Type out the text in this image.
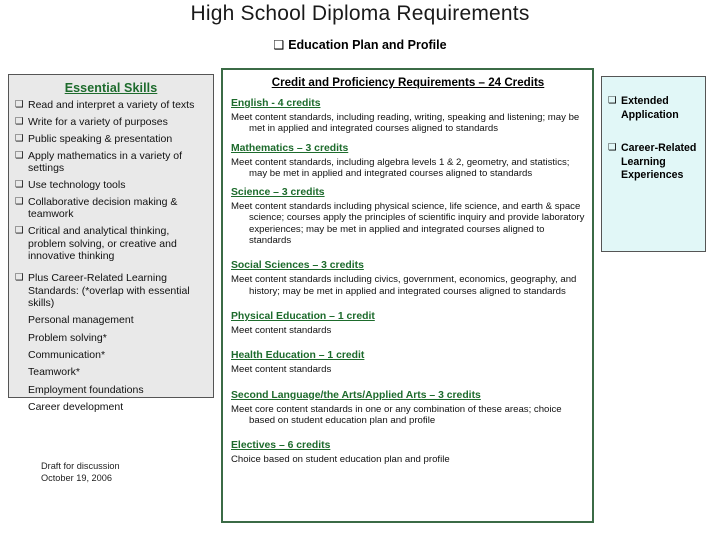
High School Diploma Requirements
❑ Education Plan and Profile
Essential Skills
❑ Read and interpret a variety of texts
❑ Write for a variety of purposes
❑ Public speaking & presentation
❑ Apply mathematics in a variety of settings
❑ Use technology tools
❑ Collaborative decision making & teamwork
❑ Critical and analytical thinking, problem solving, or creative and innovative thinking
❑ Plus Career-Related Learning Standards: (*overlap with essential skills)
Personal management
Problem solving*
Communication*
Teamwork*
Employment foundations
Career development
Credit and Proficiency Requirements – 24 Credits
English - 4 credits
Meet content standards, including reading, writing, speaking and listening; may be met in applied and integrated courses aligned to standards
Mathematics – 3 credits
Meet content standards, including algebra levels 1 & 2, geometry, and statistics; may be met in applied and integrated courses aligned to standards
Science – 3 credits
Meet content standards including physical science, life science, and earth & space science; courses apply the principles of scientific inquiry and provide laboratory experiences; may be met in applied and integrated courses aligned to standards
Social Sciences – 3 credits
Meet content standards including civics, government, economics, geography, and history; may be met in applied and integrated courses aligned to standards
Physical Education – 1 credit
Meet content standards
Health Education – 1 credit
Meet content standards
Second Language/the Arts/Applied Arts – 3 credits
Meet core content standards in one or any combination of these areas; choice based on student education plan and profile
Electives – 6 credits
Choice based on student education plan and profile
❑ Extended Application
❑ Career-Related Learning Experiences
Draft for discussion
October 19, 2006
